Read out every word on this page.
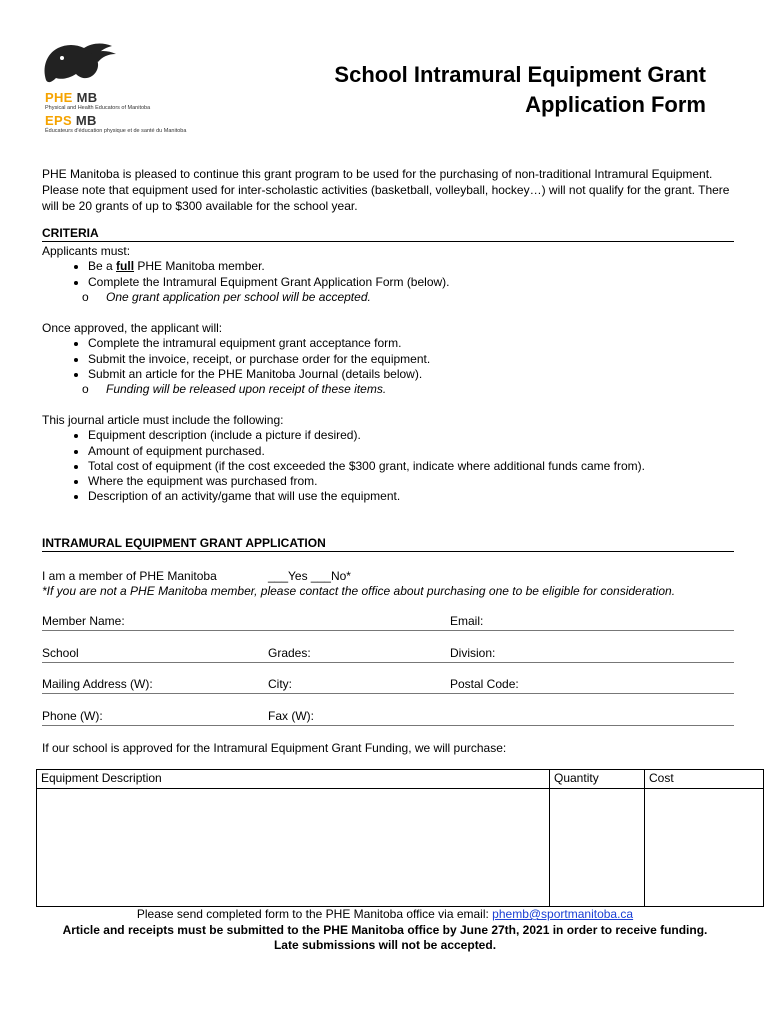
PHE MB
Physical and Health Educators of Manitoba
EPS MB
Éducateurs d'éducation physique et de santé du Manitoba
School Intramural Equipment Grant
Application Form
PHE Manitoba is pleased to continue this grant program to be used for the purchasing of non-traditional Intramural Equipment. Please note that equipment used for inter-scholastic activities (basketball, volleyball, hockey…) will not qualify for the grant. There will be 20 grants of up to $300 available for the school year.
CRITERIA
Applicants must:
• Be a full PHE Manitoba member.
• Complete the Intramural Equipment Grant Application Form (below).
o One grant application per school will be accepted.
Once approved, the applicant will:
• Complete the intramural equipment grant acceptance form.
• Submit the invoice, receipt, or purchase order for the equipment.
• Submit an article for the PHE Manitoba Journal (details below).
o Funding will be released upon receipt of these items.
This journal article must include the following:
• Equipment description (include a picture if desired).
• Amount of equipment purchased.
• Total cost of equipment (if the cost exceeded the $300 grant, indicate where additional funds came from).
• Where the equipment was purchased from.
• Description of an activity/game that will use the equipment.
INTRAMURAL EQUIPMENT GRANT APPLICATION
I am a member of PHE Manitoba	___Yes ___No*
*If you are not a PHE Manitoba member, please contact the office about purchasing one to be eligible for consideration.
Member Name:	Email:
School	Grades:	Division:
Mailing Address (W):	City:	Postal Code:
Phone (W):	Fax (W):
If our school is approved for the Intramural Equipment Grant Funding, we will purchase:
Equipment Description	Quantity	Cost

Please send completed form to the PHE Manitoba office via email: phemb@sportmanitoba.ca
Article and receipts must be submitted to the PHE Manitoba office by June 27th, 2021 in order to receive funding.
Late submissions will not be accepted.
